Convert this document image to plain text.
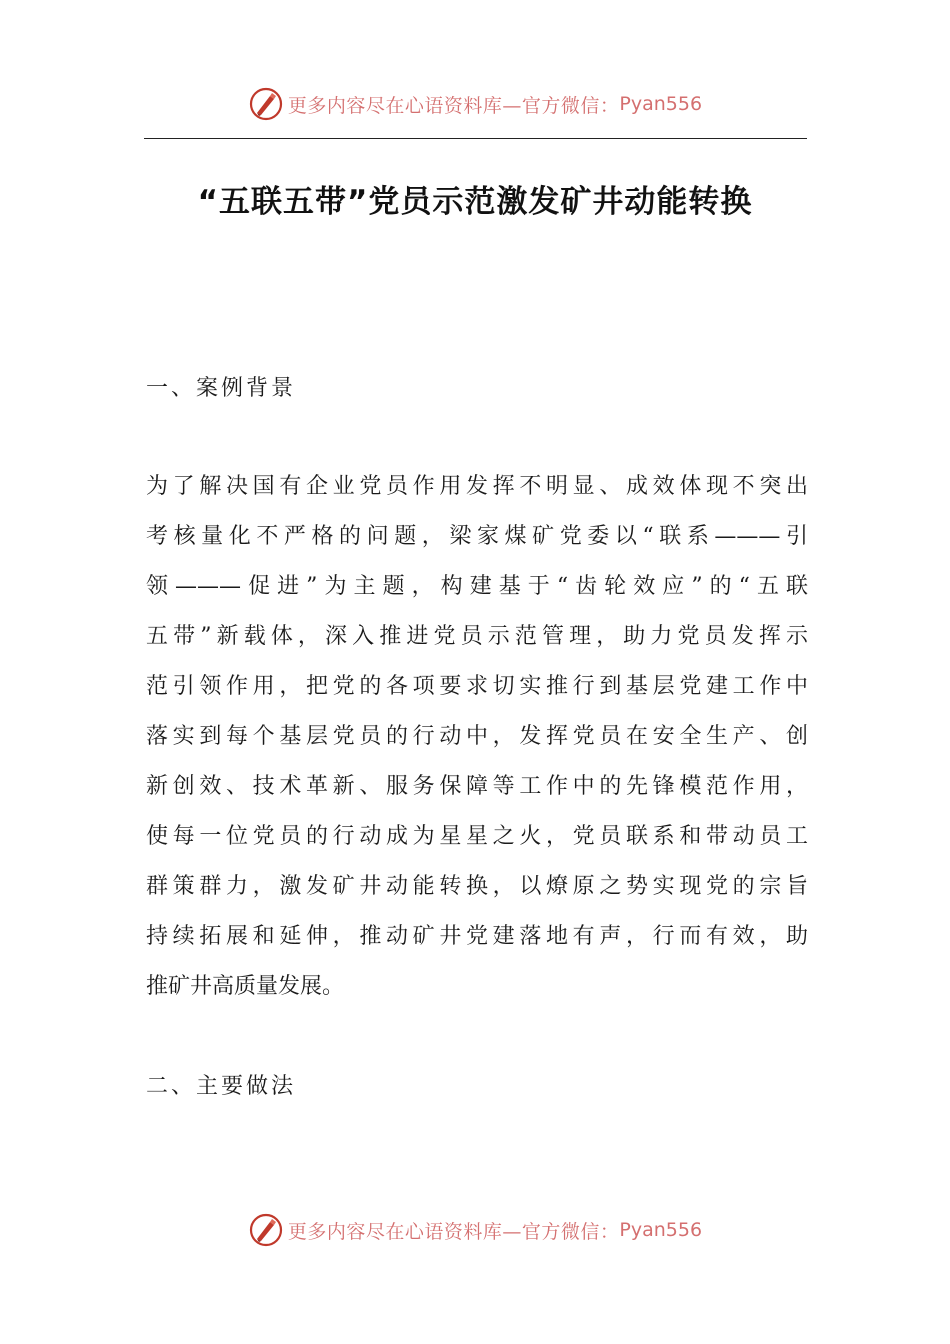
更多内容尽在心语资料库—官方微信： Pyan556
“五联五带”党员示范激发矿井动能转换
一、案例背景
为了解决国有企业党员作用发挥不明显、成效体现不突出
考核量化不严格的问题，梁家煤矿党委以“联系———引
领———促进”为主题，构建基于“齿轮效应”的“五联
五带”新载体，深入推进党员示范管理，助力党员发挥示
范引领作用，把党的各项要求切实推行到基层党建工作中
落实到每个基层党员的行动中，发挥党员在安全生产、创
新创效、技术革新、服务保障等工作中的先锋模范作用，
使每一位党员的行动成为星星之火，党员联系和带动员工
群策群力，激发矿井动能转换，以燎原之势实现党的宗旨
持续拓展和延伸，推动矿井党建落地有声，行而有效，助
推矿井高质量发展。
二、主要做法
更多内容尽在心语资料库—官方微信： Pyan556
